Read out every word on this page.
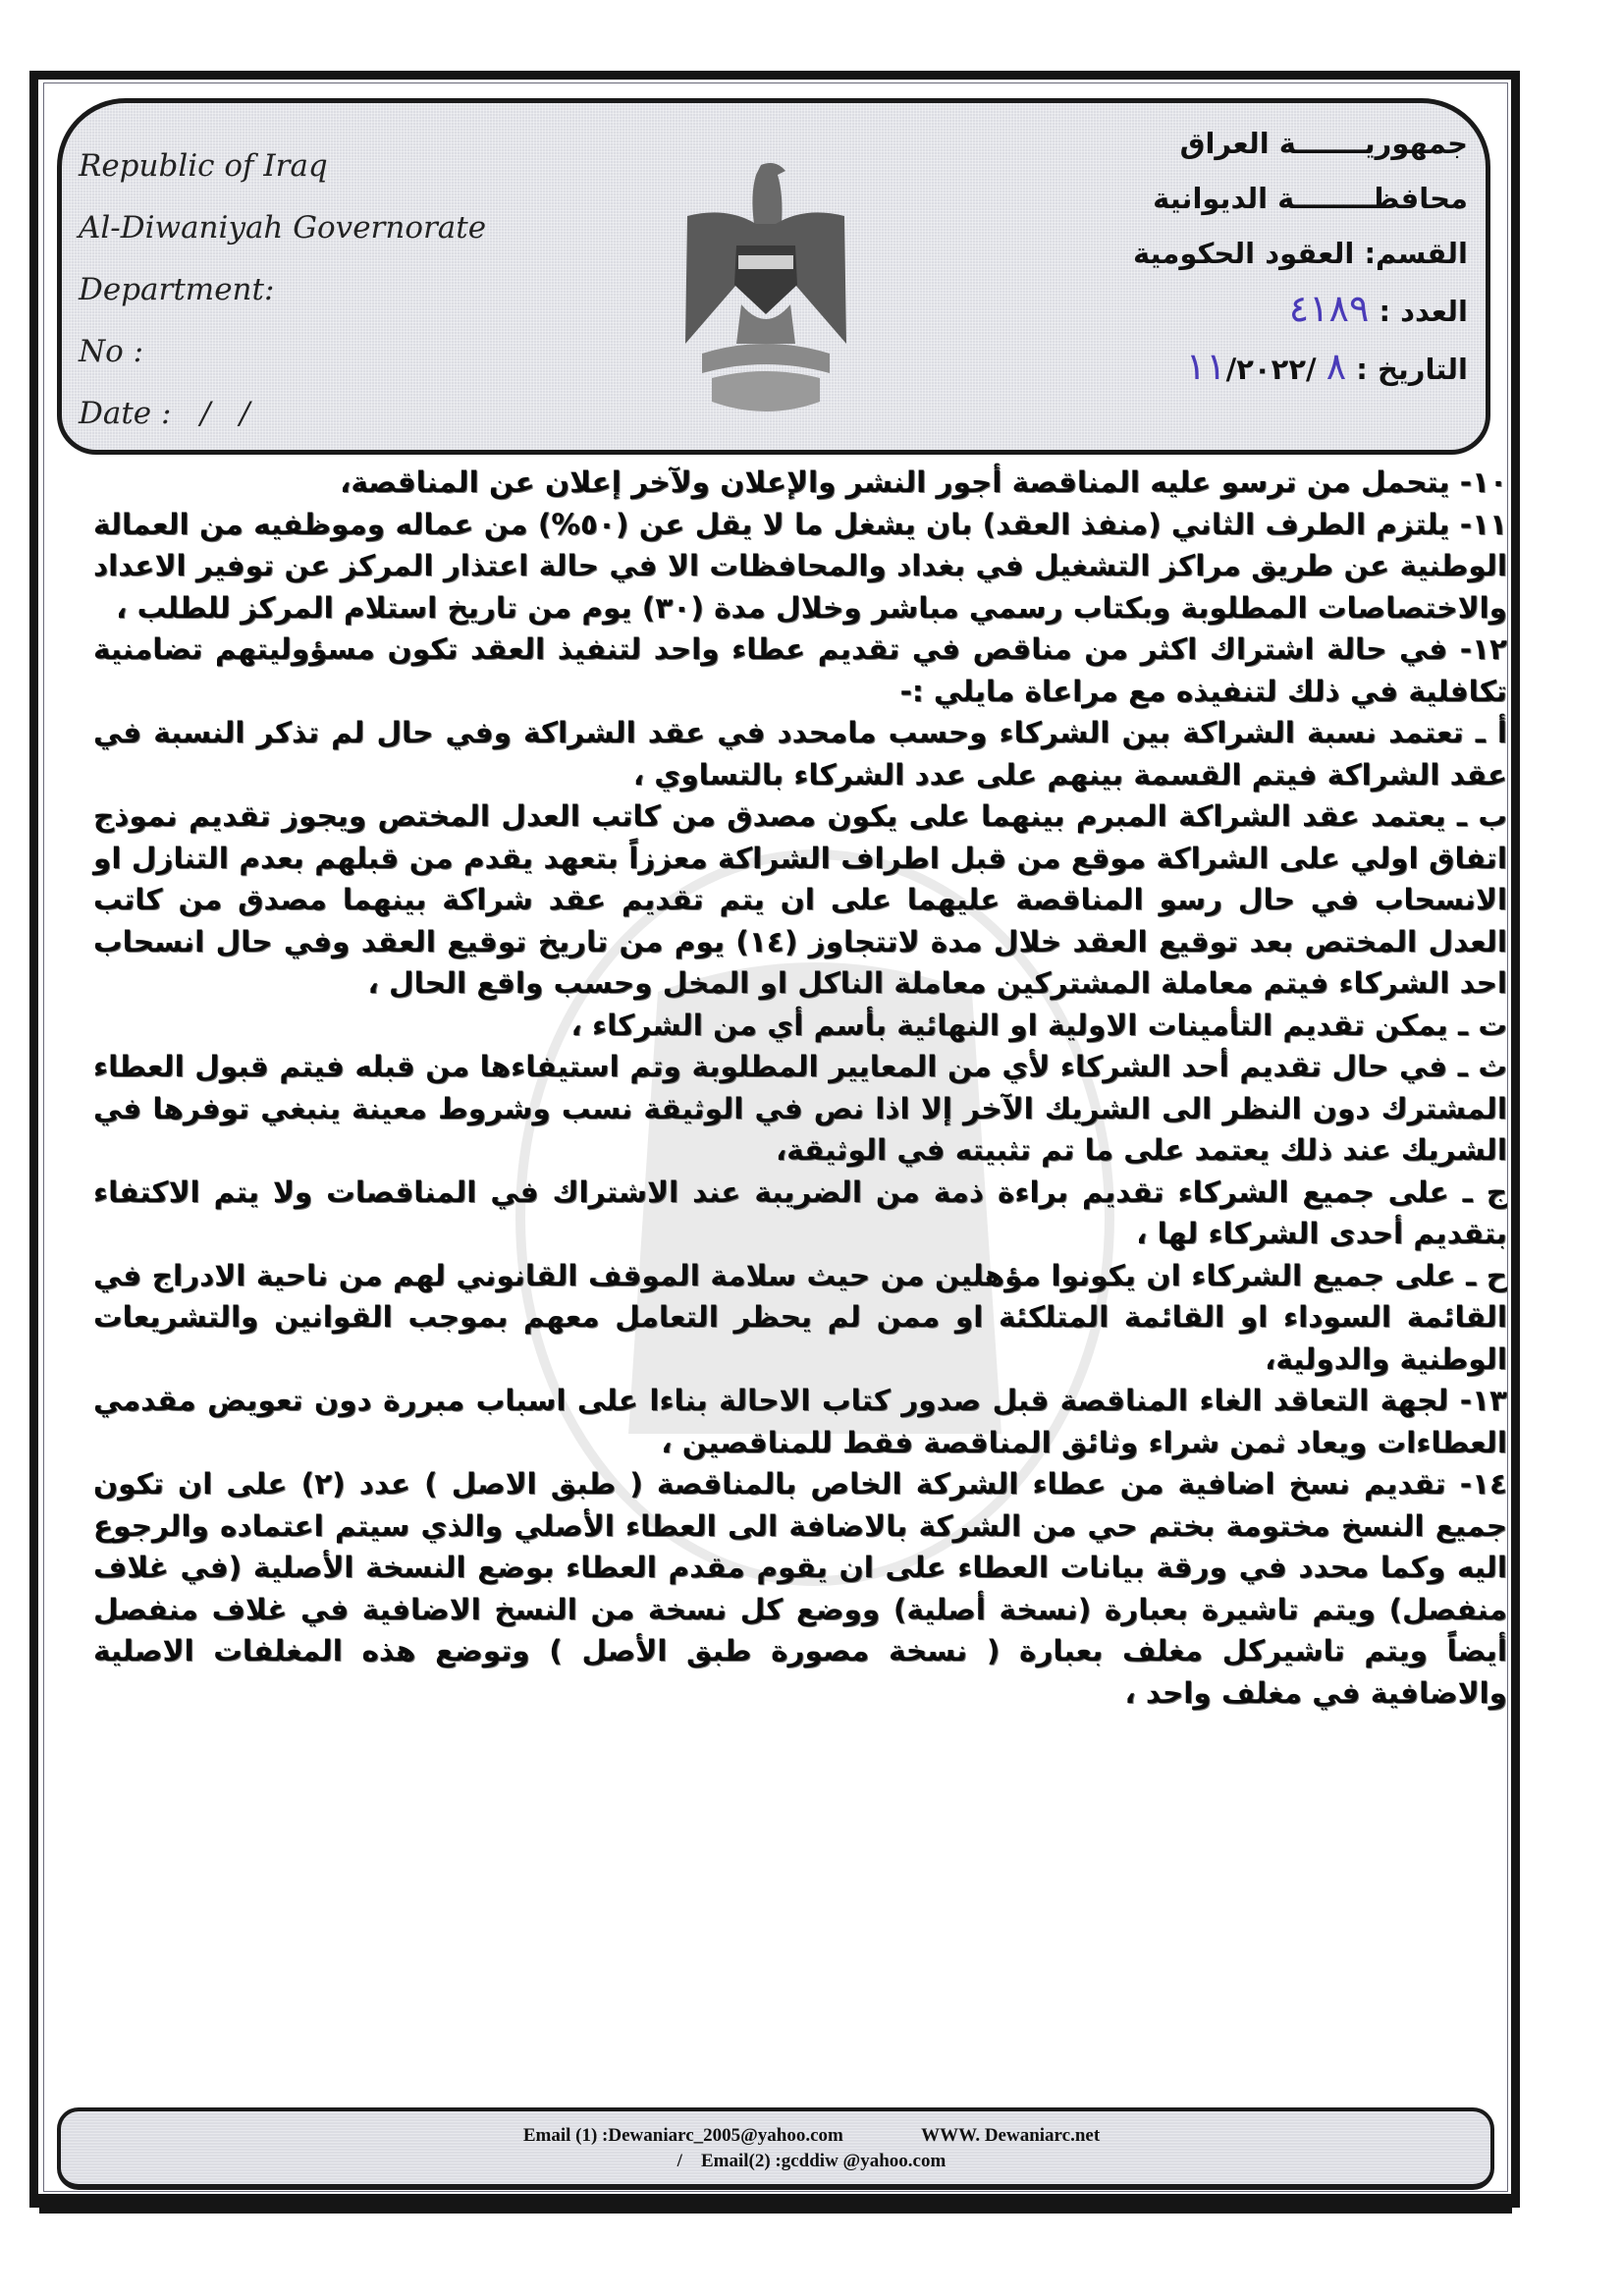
Republic of Iraq
Al-Diwaniyah Governorate
Department:
No :
Date :   /   /
جمهوريـــــــة العراق
محافظــــــــة الديوانية
القسم: العقود الحكومية
العدد : ٤١٨٩
التاريخ : ٨ /١١/٢٠٢٢

١٠- يتحمل من ترسو عليه المناقصة أجور النشر والإعلان ولآخر إعلان عن المناقصة،

١١- يلتزم الطرف الثاني (منفذ العقد) بان يشغل ما لا يقل عن (٥٠%) من عماله وموظفيه من العمالة الوطنية عن طريق مراكز التشغيل في بغداد والمحافظات الا في حالة اعتذار المركز عن توفير الاعداد والاختصاصات المطلوبة وبكتاب رسمي مباشر وخلال مدة (٣٠) يوم من تاريخ استلام المركز للطلب ،

١٢- في حالة اشتراك اكثر من مناقص في تقديم عطاء واحد لتنفيذ العقد تكون مسؤوليتهم تضامنية تكافلية في ذلك لتنفيذه مع مراعاة مايلي :-

أ ـ تعتمد نسبة الشراكة بين الشركاء وحسب مامحدد في عقد الشراكة وفي حال لم تذكر النسبة في عقد الشراكة فيتم القسمة بينهم على عدد الشركاء بالتساوي ،

ب ـ يعتمد عقد الشراكة المبرم بينهما على يكون مصدق من كاتب العدل المختص ويجوز تقديم نموذج اتفاق اولي على الشراكة موقع من قبل اطراف الشراكة معززاً بتعهد يقدم من قبلهم بعدم التنازل او الانسحاب في حال رسو المناقصة عليهما على ان يتم تقديم عقد شراكة بينهما مصدق من كاتب العدل المختص بعد توقيع العقد خلال مدة لاتتجاوز (١٤) يوم من تاريخ توقيع العقد وفي حال انسحاب احد الشركاء فيتم معاملة المشتركين معاملة الناكل او المخل وحسب واقع الحال ،

ت ـ يمكن تقديم التأمينات الاولية او النهائية بأسم أي من الشركاء ،

ث ـ في حال تقديم أحد الشركاء لأي من المعايير المطلوبة وتم استيفاءها من قبله فيتم قبول العطاء المشترك دون النظر الى الشريك الآخر إلا اذا نص في الوثيقة نسب وشروط معينة ينبغي توفرها في الشريك عند ذلك يعتمد على ما تم تثبيته في الوثيقة،

ج ـ على جميع الشركاء تقديم براءة ذمة من الضريبة عند الاشتراك في المناقصات ولا يتم الاكتفاء بتقديم أحدى الشركاء لها ،

ح ـ على جميع الشركاء ان يكونوا مؤهلين من حيث سلامة الموقف القانوني لهم من ناحية الادراج في القائمة السوداء او القائمة المتلكئة او ممن لم يحظر التعامل معهم بموجب القوانين والتشريعات الوطنية والدولية،

١٣- لجهة التعاقد الغاء المناقصة قبل صدور كتاب الاحالة بناءا على اسباب مبررة دون تعويض مقدمي العطاءات ويعاد ثمن شراء وثائق المناقصة فقط للمناقصين ،

١٤- تقديم نسخ اضافية من عطاء الشركة الخاص بالمناقصة ( طبق الاصل ) عدد (٢) على ان تكون جميع النسخ مختومة بختم حي من الشركة بالاضافة الى العطاء الأصلي والذي سيتم اعتماده والرجوع اليه وكما محدد في ورقة بيانات العطاء على ان يقوم مقدم العطاء بوضع النسخة الأصلية (في غلاف منفصل) ويتم تاشيرة بعبارة (نسخة أصلية) ووضع كل نسخة من النسخ الاضافية في غلاف منفصل أيضاً ويتم تاشيركل مغلف بعبارة ( نسخة مصورة طبق الأصل ) وتوضع هذه المغلفات الاصلية والاضافية في مغلف واحد ،

Email (1) :Dewaniarc_2005@yahoo.com	WWW. Dewaniarc.net
/ Email(2) :gcddiw @yahoo.com
